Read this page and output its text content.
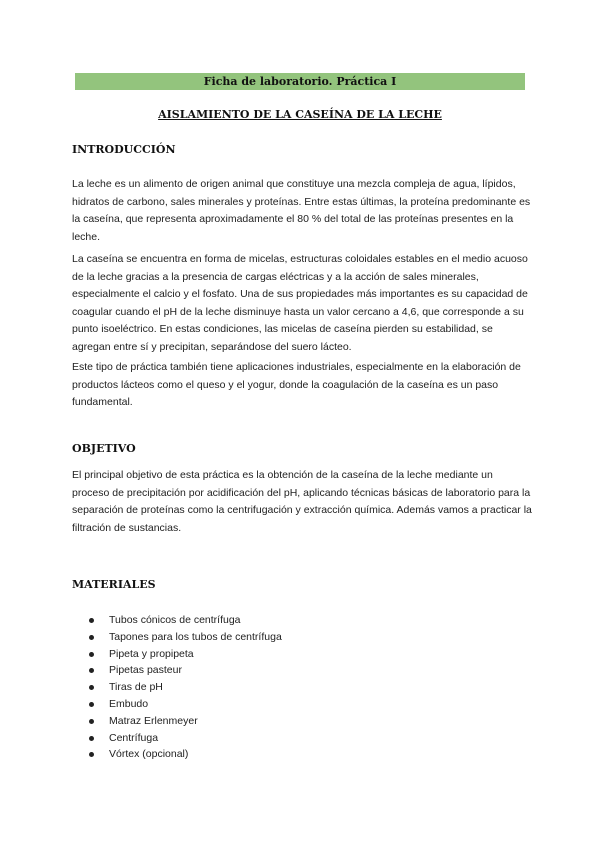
Ficha de laboratorio. Práctica I
AISLAMIENTO DE LA CASEÍNA DE LA LECHE
INTRODUCCIÓN

La leche es un alimento de origen animal que constituye una mezcla compleja de agua, lípidos, hidratos de carbono, sales minerales y proteínas. Entre estas últimas, la proteína predominante es la caseína, que representa aproximadamente el 80 % del total de las proteínas presentes en la leche.

La caseína se encuentra en forma de micelas, estructuras coloidales estables en el medio acuoso de la leche gracias a la presencia de cargas eléctricas y a la acción de sales minerales, especialmente el calcio y el fosfato. Una de sus propiedades más importantes es su capacidad de coagular cuando el pH de la leche disminuye hasta un valor cercano a 4,6, que corresponde a su punto isoeléctrico. En estas condiciones, las micelas de caseína pierden su estabilidad, se agregan entre sí y precipitan, separándose del suero lácteo.

Este tipo de práctica también tiene aplicaciones industriales, especialmente en la elaboración de productos lácteos como el queso y el yogur, donde la coagulación de la caseína es un paso fundamental.

OBJETIVO

El principal objetivo de esta práctica es la obtención de la caseína de la leche mediante un proceso de precipitación por acidificación del pH, aplicando técnicas básicas de laboratorio para la separación de proteínas como la centrifugación y extracción química. Además vamos a practicar la filtración de sustancias.

MATERIALES
Tubos cónicos de centrífuga
Tapones para los tubos de centrífuga
Pipeta y propipeta
Pipetas pasteur
Tiras de pH
Embudo
Matraz Erlenmeyer
Centrífuga
Vórtex (opcional)
